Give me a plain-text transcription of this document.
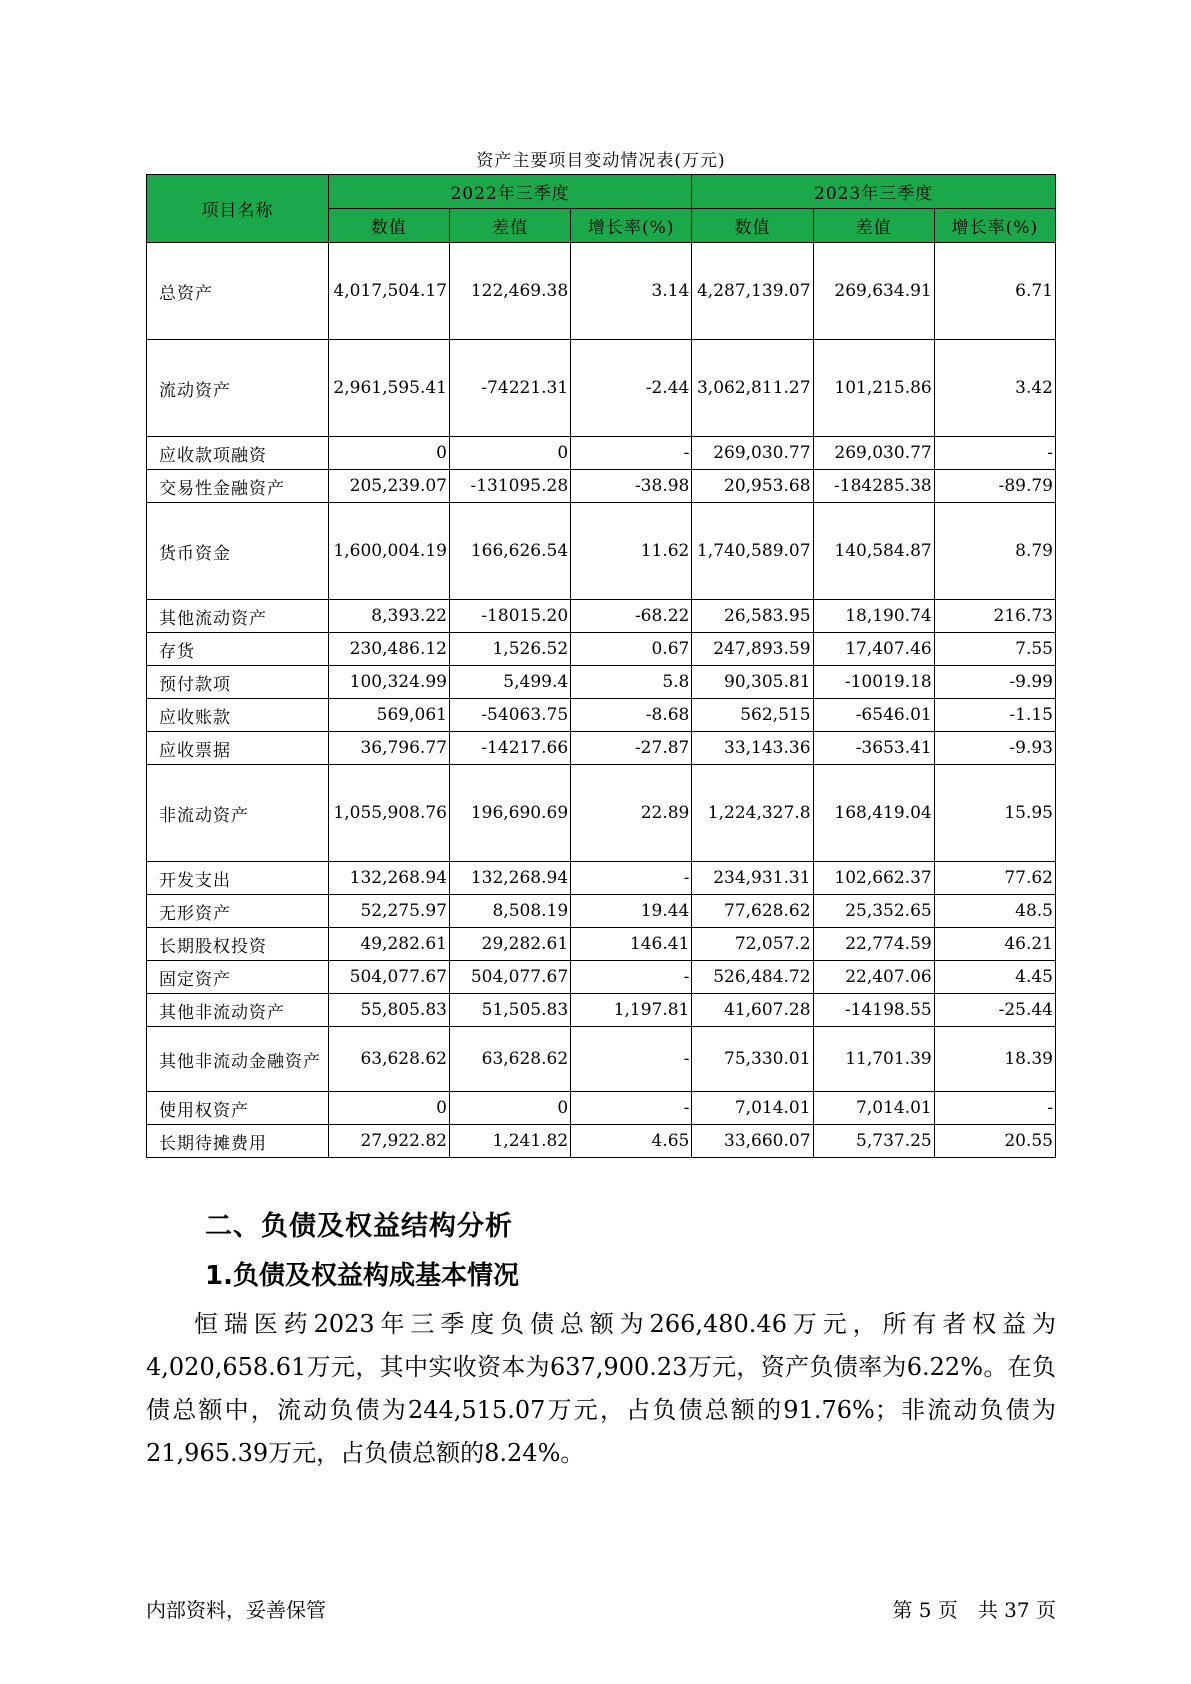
资产主要项目变动情况表(万元)
项目名称	2022年三季度			2023年三季度		
	数值	差值	增长率(%)	数值	差值	增长率(%)
总资产	4,017,504.17	122,469.38	3.14	4,287,139.07	269,634.91	6.71
流动资产	2,961,595.41	-74221.31	-2.44	3,062,811.27	101,215.86	3.42
应收款项融资	0	0	-	269,030.77	269,030.77	-
交易性金融资产	205,239.07	-131095.28	-38.98	20,953.68	-184285.38	-89.79
货币资金	1,600,004.19	166,626.54	11.62	1,740,589.07	140,584.87	8.79
其他流动资产	8,393.22	-18015.20	-68.22	26,583.95	18,190.74	216.73
存货	230,486.12	1,526.52	0.67	247,893.59	17,407.46	7.55
预付款项	100,324.99	5,499.4	5.8	90,305.81	-10019.18	-9.99
应收账款	569,061	-54063.75	-8.68	562,515	-6546.01	-1.15
应收票据	36,796.77	-14217.66	-27.87	33,143.36	-3653.41	-9.93
非流动资产	1,055,908.76	196,690.69	22.89	1,224,327.8	168,419.04	15.95
开发支出	132,268.94	132,268.94	-	234,931.31	102,662.37	77.62
无形资产	52,275.97	8,508.19	19.44	77,628.62	25,352.65	48.5
长期股权投资	49,282.61	29,282.61	146.41	72,057.2	22,774.59	46.21
固定资产	504,077.67	504,077.67	-	526,484.72	22,407.06	4.45
其他非流动资产	55,805.83	51,505.83	1,197.81	41,607.28	-14198.55	-25.44
其他非流动金融资产	63,628.62	63,628.62	-	75,330.01	11,701.39	18.39
使用权资产	0	0	-	7,014.01	7,014.01	-
长期待摊费用	27,922.82	1,241.82	4.65	33,660.07	5,737.25	20.55
二、负债及权益结构分析
1.负债及权益构成基本情况

恒瑞医药2023年三季度负债总额为266,480.46万元，所有者权益为4,020,658.61万元，其中实收资本为637,900.23万元，资产负债率为6.22%。在负债总额中，流动负债为244,515.07万元，占负债总额的91.76%；非流动负债为21,965.39万元，占负债总额的8.24%。

内部资料，妥善保管	第 5 页　共 37 页
